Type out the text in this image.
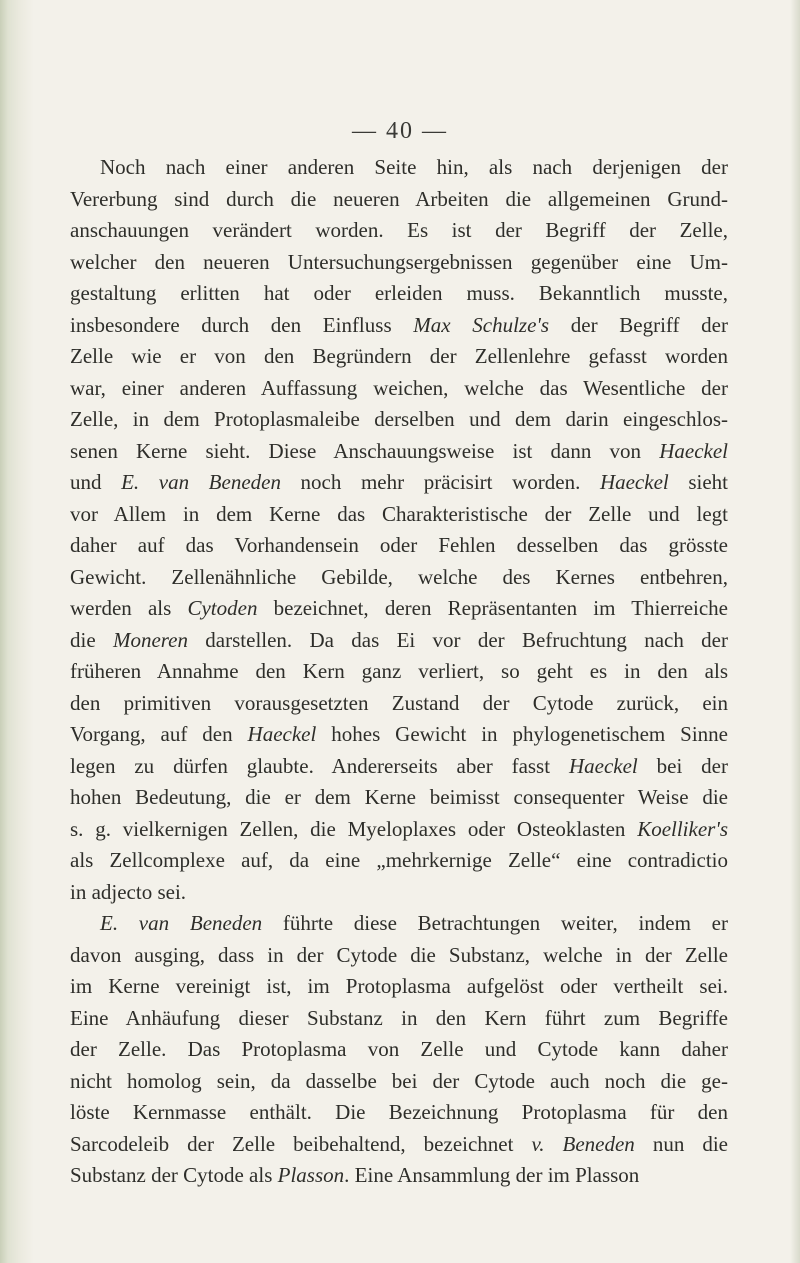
— 40 —
Noch nach einer anderen Seite hin, als nach derjenigen der
Vererbung sind durch die neueren Arbeiten die allgemeinen Grund-
anschauungen verändert worden. Es ist der Begriff der Zelle,
welcher den neueren Untersuchungsergebnissen gegenüber eine Um-
gestaltung erlitten hat oder erleiden muss. Bekanntlich musste,
insbesondere durch den Einfluss Max Schulze's der Begriff der
Zelle wie er von den Begründern der Zellenlehre gefasst worden
war, einer anderen Auffassung weichen, welche das Wesentliche der
Zelle, in dem Protoplasmaleibe derselben und dem darin eingeschlos-
senen Kerne sieht. Diese Anschauungsweise ist dann von Haeckel
und E. van Beneden noch mehr präcisirt worden. Haeckel sieht
vor Allem in dem Kerne das Charakteristische der Zelle und legt
daher auf das Vorhandensein oder Fehlen desselben das grösste
Gewicht. Zellenähnliche Gebilde, welche des Kernes entbehren,
werden als Cytoden bezeichnet, deren Repräsentanten im Thierreiche
die Moneren darstellen. Da das Ei vor der Befruchtung nach der
früheren Annahme den Kern ganz verliert, so geht es in den als
den primitiven vorausgesetzten Zustand der Cytode zurück, ein
Vorgang, auf den Haeckel hohes Gewicht in phylogenetischem Sinne
legen zu dürfen glaubte. Andererseits aber fasst Haeckel bei der
hohen Bedeutung, die er dem Kerne beimisst consequenter Weise die
s. g. vielkernigen Zellen, die Myeloplaxes oder Osteoklasten Koelliker's
als Zellcomplexe auf, da eine „mehrkernige Zelle“ eine contradictio
in adjecto sei.
E. van Beneden führte diese Betrachtungen weiter, indem er
davon ausging, dass in der Cytode die Substanz, welche in der Zelle
im Kerne vereinigt ist, im Protoplasma aufgelöst oder vertheilt sei.
Eine Anhäufung dieser Substanz in den Kern führt zum Begriffe
der Zelle. Das Protoplasma von Zelle und Cytode kann daher
nicht homolog sein, da dasselbe bei der Cytode auch noch die ge-
löste Kernmasse enthält. Die Bezeichnung Protoplasma für den
Sarcodeleib der Zelle beibehaltend, bezeichnet v. Beneden nun die
Substanz der Cytode als Plasson. Eine Ansammlung der im Plasson
